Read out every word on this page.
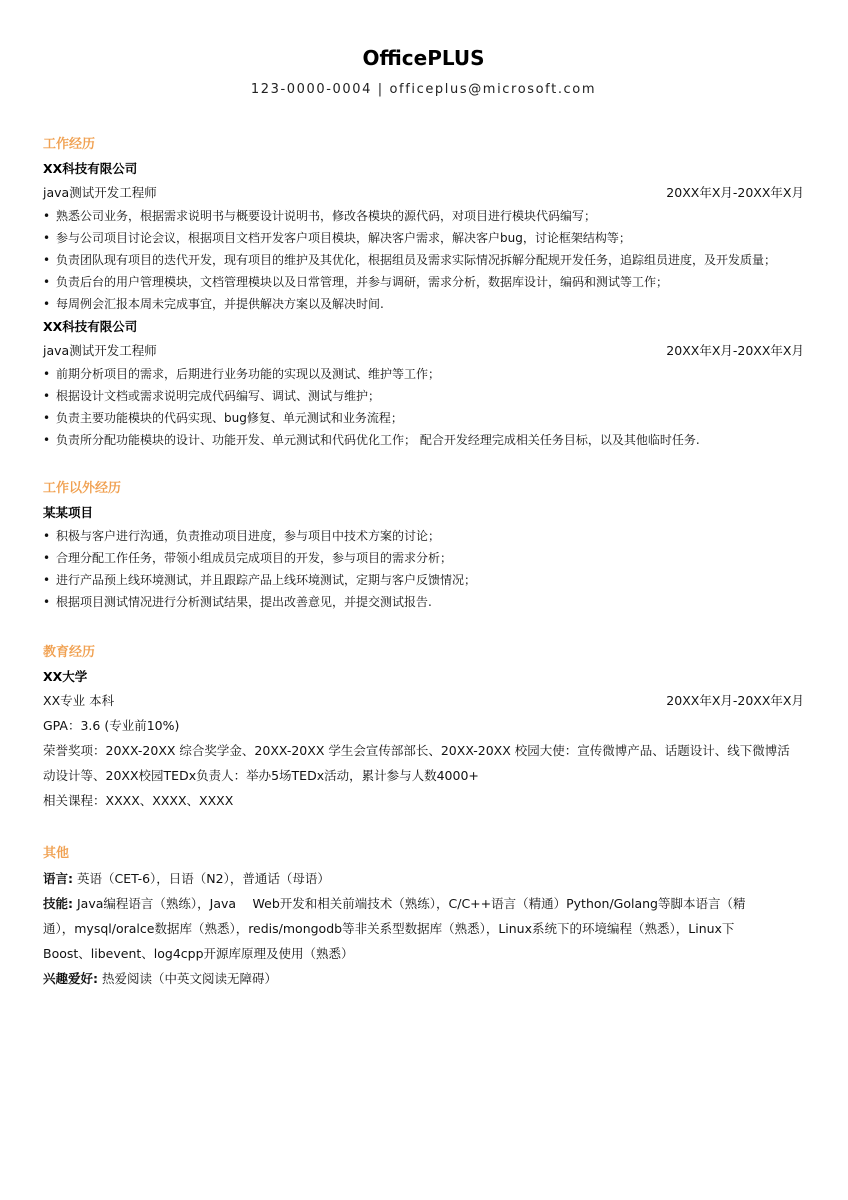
OfficePLUS
123-0000-0004 | officeplus@microsoft.com
工作经历
XX科技有限公司
java测试开发工程师	20XX年X月-20XX年X月
• 熟悉公司业务，根据需求说明书与概要设计说明书，修改各模块的源代码，对项目进行模块代码编写；
• 参与公司项目讨论会议，根据项目文档开发客户项目模块，解决客户需求，解决客户bug，讨论框架结构等；
• 负责团队现有项目的迭代开发，现有项目的维护及其优化，根据组员及需求实际情况拆解分配规开发任务，追踪组员进度，及开发质量；
• 负责后台的用户管理模块，文档管理模块以及日常管理，并参与调研，需求分析，数据库设计，编码和测试等工作；
• 每周例会汇报本周未完成事宜，并提供解决方案以及解决时间.
XX科技有限公司
java测试开发工程师	20XX年X月-20XX年X月
• 前期分析项目的需求，后期进行业务功能的实现以及测试、维护等工作；
• 根据设计文档或需求说明完成代码编写、调试、测试与维护；
• 负责主要功能模块的代码实现、bug修复、单元测试和业务流程；
• 负责所分配功能模块的设计、功能开发、单元测试和代码优化工作； 配合开发经理完成相关任务目标，以及其他临时任务.
工作以外经历
某某项目
• 积极与客户进行沟通，负责推动项目进度，参与项目中技术方案的讨论；
• 合理分配工作任务，带领小组成员完成项目的开发，参与项目的需求分析；
• 进行产品预上线环境测试，并且跟踪产品上线环境测试，定期与客户反馈情况；
• 根据项目测试情况进行分析测试结果，提出改善意见，并提交测试报告.
教育经历
XX大学
XX专业 本科	20XX年X月-20XX年X月
GPA：3.6 (专业前10%)
荣誉奖项：20XX-20XX 综合奖学金、20XX-20XX 学生会宣传部部长、20XX-20XX 校园大使：宣传微博产品、话题设计、线下微博活
动设计等、20XX校园TEDx负责人：举办5场TEDx活动，累计参与人数4000+
相关课程：XXXX、XXXX、XXXX
其他
语言: 英语（CET-6），日语（N2），普通话（母语）
技能: Java编程语言（熟练），Java　 Web开发和相关前端技术（熟练），C/C++语言（精通）Python/Golang等脚本语言（精
通），mysql/oralce数据库（熟悉），redis/mongodb等非关系型数据库（熟悉），Linux系统下的环境编程（熟悉），Linux下
Boost、libevent、log4cpp开源库原理及使用（熟悉）
兴趣爱好: 热爱阅读（中英文阅读无障碍）
